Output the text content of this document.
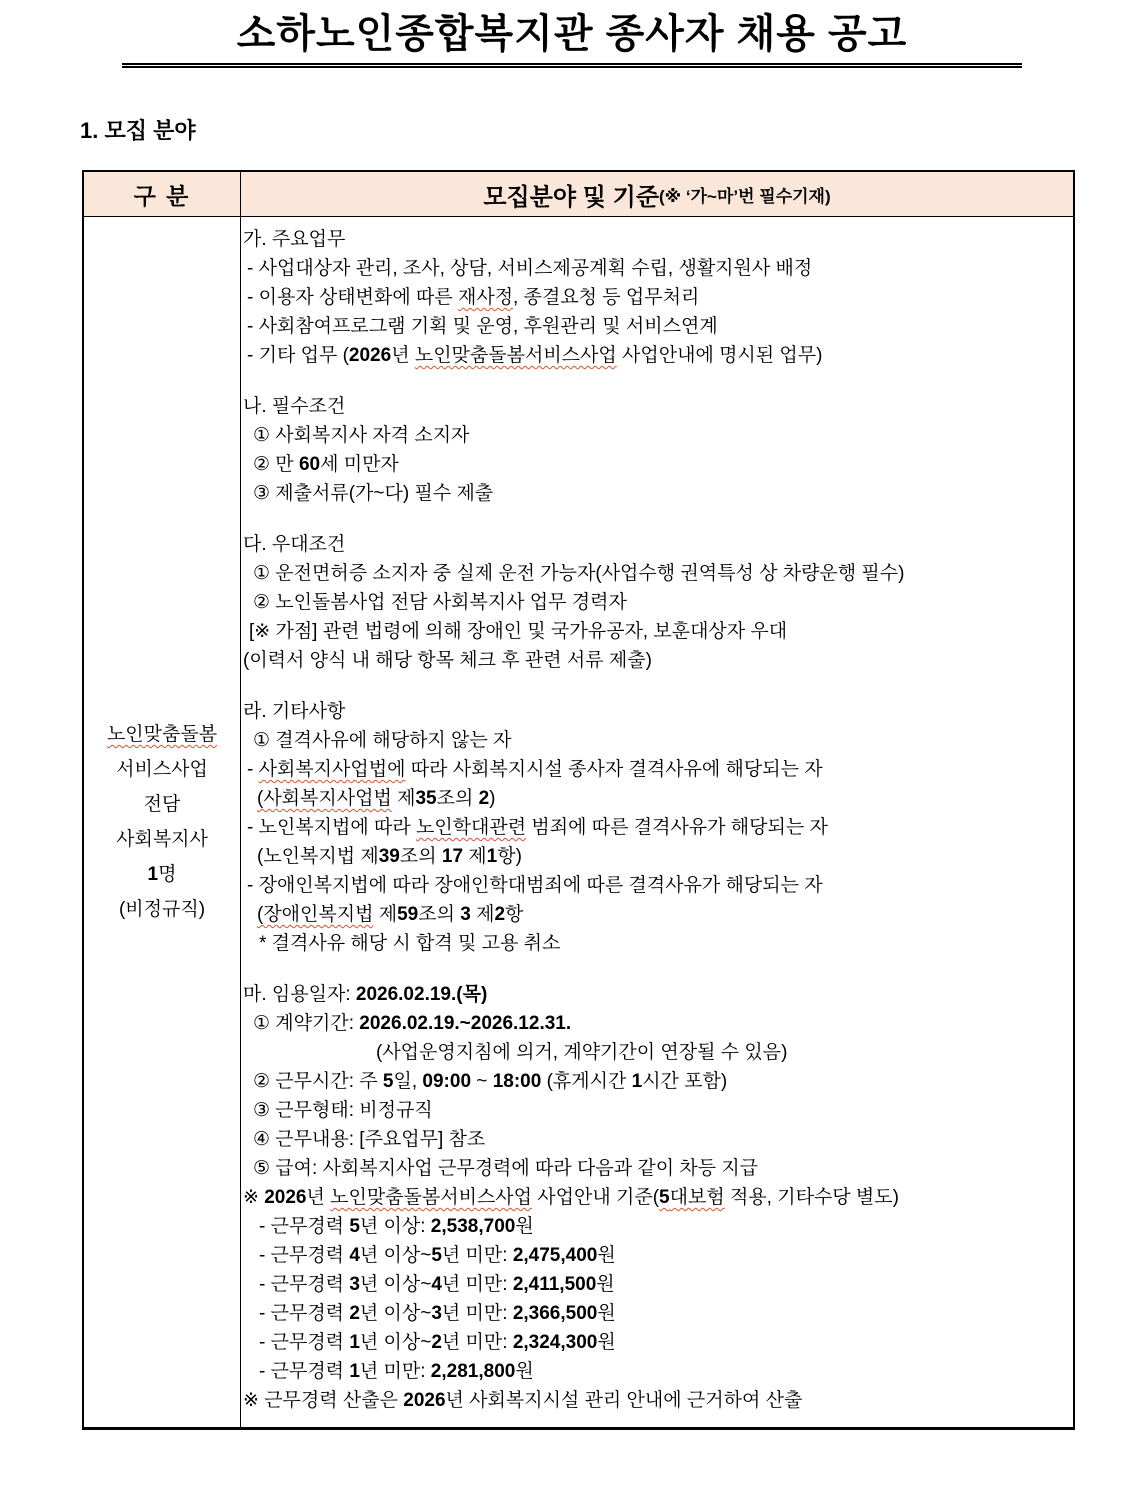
소하노인종합복지관 종사자 채용 공고
1. 모집 분야
구 분	모집분야 및 기준 (※ ‘가~마’번 필수기재)
노인맞춤돌봄
서비스사업
전담
사회복지사
1명
(비정규직)
가. 주요업무
- 사업대상자 관리, 조사, 상담, 서비스제공계획 수립, 생활지원사 배정
- 이용자 상태변화에 따른 재사정, 종결요청 등 업무처리
- 사회참여프로그램 기획 및 운영, 후원관리 및 서비스연계
- 기타 업무 (2026년 노인맞춤돌봄서비스사업 사업안내에 명시된 업무)
나. 필수조건
① 사회복지사 자격 소지자
② 만 60세 미만자
③ 제출서류(가~다) 필수 제출
다. 우대조건
① 운전면허증 소지자 중 실제 운전 가능자(사업수행 권역특성 상 차량운행 필수)
② 노인돌봄사업 전담 사회복지사 업무 경력자
[※ 가점] 관련 법령에 의해 장애인 및 국가유공자, 보훈대상자 우대
(이력서 양식 내 해당 항목 체크 후 관련 서류 제출)
라. 기타사항
① 결격사유에 해당하지 않는 자
- 사회복지사업법에 따라 사회복지시설 종사자 결격사유에 해당되는 자
(사회복지사업법 제35조의 2)
- 노인복지법에 따라 노인학대관련 범죄에 따른 결격사유가 해당되는 자
(노인복지법 제39조의 17 제1항)
- 장애인복지법에 따라 장애인학대범죄에 따른 결격사유가 해당되는 자
(장애인복지법 제59조의 3 제2항
* 결격사유 해당 시 합격 및 고용 취소
마. 임용일자: 2026.02.19.(목)
① 계약기간: 2026.02.19.~2026.12.31.
(사업운영지침에 의거, 계약기간이 연장될 수 있음)
② 근무시간: 주 5일, 09:00 ~ 18:00 (휴게시간 1시간 포함)
③ 근무형태: 비정규직
④ 근무내용: [주요업무] 참조
⑤ 급여: 사회복지사업 근무경력에 따라 다음과 같이 차등 지급
※ 2026년 노인맞춤돌봄서비스사업 사업안내 기준(5대보험 적용, 기타수당 별도)
- 근무경력 5년 이상: 2,538,700원
- 근무경력 4년 이상~5년 미만: 2,475,400원
- 근무경력 3년 이상~4년 미만: 2,411,500원
- 근무경력 2년 이상~3년 미만: 2,366,500원
- 근무경력 1년 이상~2년 미만: 2,324,300원
- 근무경력 1년 미만: 2,281,800원
※ 근무경력 산출은 2026년 사회복지시설 관리 안내에 근거하여 산출
